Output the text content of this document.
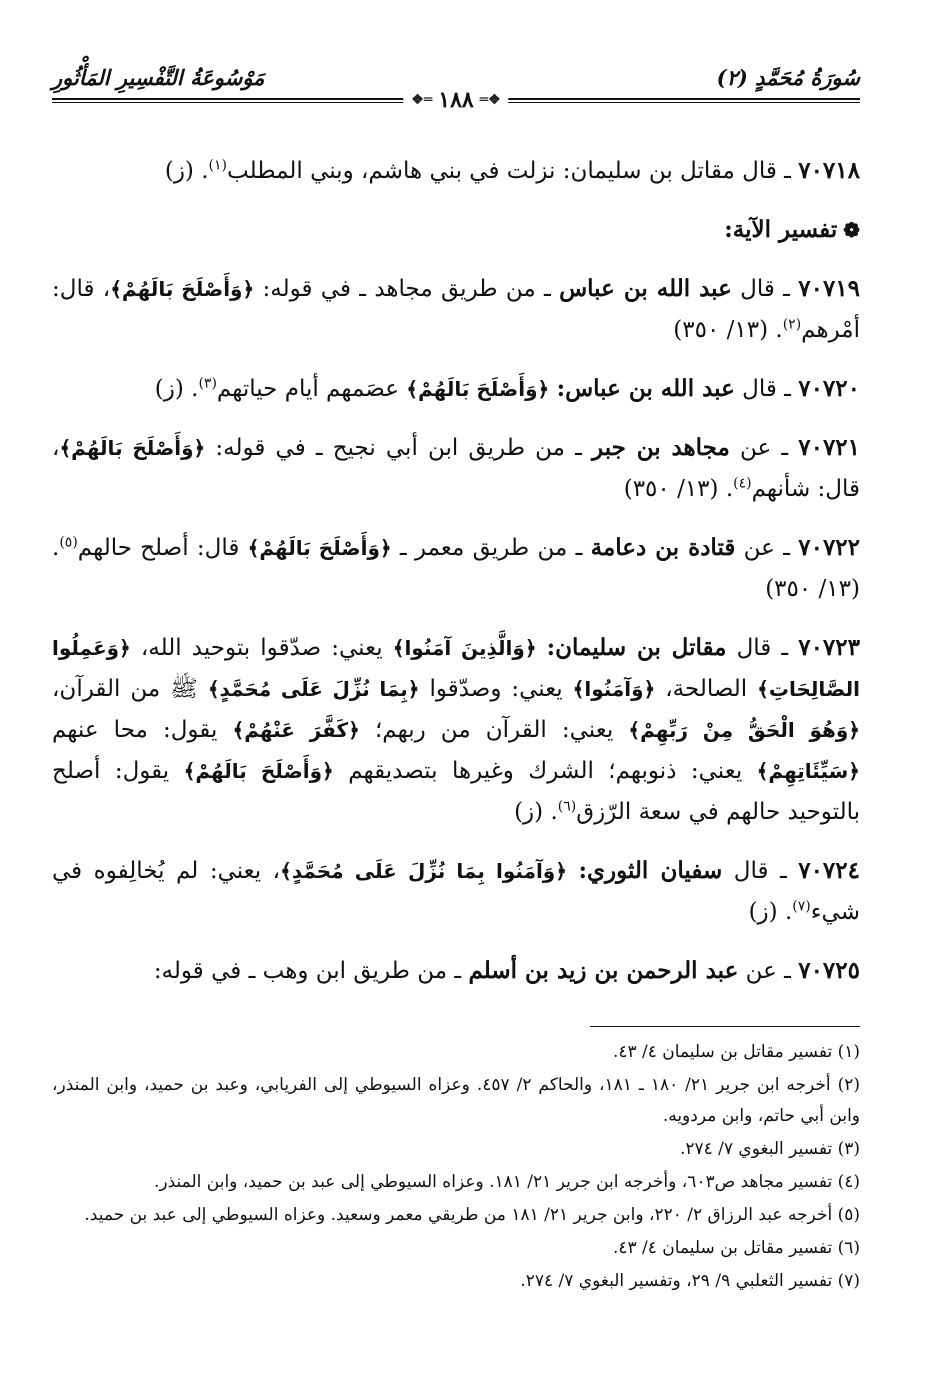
سُورَةُ مُحَمَّدٍ (٢)
مَوْسُوعَةُ التَّفْسِيرِ المَأْثُورِ
❖═
١٨٨
═❖

٧٠٧١٨ ـ قال مقاتل بن سليمان: نزلت في بني هاشم، وبني المطلب$^{(١)}$. (ز)

❁تفسير الآية:

٧٠٧١٩ ـ قال عبد الله بن عباس ـ من طريق مجاهد ـ في قوله: ﴿وَأَصْلَحَ بَالَهُمْ﴾، قال: أمْرهم$^{(٢)}$. (١٣/ ٣٥٠)

٧٠٧٢٠ ـ قال عبد الله بن عباس: ﴿وَأَصْلَحَ بَالَهُمْ﴾ عصَمهم أيام حياتهم$^{(٣)}$. (ز)

٧٠٧٢١ ـ عن مجاهد بن جبر ـ من طريق ابن أبي نجيح ـ في قوله: ﴿وَأَصْلَحَ بَالَهُمْ﴾، قال: شأنهم$^{(٤)}$. (١٣/ ٣٥٠)

٧٠٧٢٢ ـ عن قتادة بن دعامة ـ من طريق معمر ـ ﴿وَأَصْلَحَ بَالَهُمْ﴾ قال: أصلح حالهم$^{(٥)}$. (١٣/ ٣٥٠)

٧٠٧٢٣ ـ قال مقاتل بن سليمان: ﴿وَالَّذِينَ آمَنُوا﴾ يعني: صدّقوا بتوحيد الله، ﴿وَعَمِلُوا الصَّالِحَاتِ﴾ الصالحة، ﴿وَآمَنُوا﴾ يعني: وصدّقوا ﴿بِمَا نُزِّلَ عَلَى مُحَمَّدٍ﴾ ﷺ من القرآن، ﴿وَهُوَ الْحَقُّ مِنْ رَبِّهِمْ﴾ يعني: القرآن من ربهم؛ ﴿كَفَّرَ عَنْهُمْ﴾ يقول: محا عنهم ﴿سَيِّئَاتِهِمْ﴾ يعني: ذنوبهم؛ الشرك وغيرها بتصديقهم ﴿وَأَصْلَحَ بَالَهُمْ﴾ يقول: أصلح بالتوحيد حالهم في سعة الرّزق$^{(٦)}$. (ز)

٧٠٧٢٤ ـ قال سفيان الثوري: ﴿وَآمَنُوا بِمَا نُزِّلَ عَلَى مُحَمَّدٍ﴾، يعني: لم يُخالِفوه في شيء$^{(٧)}$. (ز)

٧٠٧٢٥ ـ عن عبد الرحمن بن زيد بن أسلم ـ من طريق ابن وهب ـ في قوله:

(١) تفسير مقاتل بن سليمان ٤/ ٤٣.
(٢) أخرجه ابن جرير ٢١/ ١٨٠ ـ ١٨١، والحاكم ٢/ ٤٥٧. وعزاه السيوطي إلى الفريابي، وعبد بن حميد، وابن المنذر، وابن أبي حاتم، وابن مردويه.
(٣) تفسير البغوي ٧/ ٢٧٤.
(٤) تفسير مجاهد ص٦٠٣، وأخرجه ابن جرير ٢١/ ١٨١. وعزاه السيوطي إلى عبد بن حميد، وابن المنذر.
(٥) أخرجه عبد الرزاق ٢/ ٢٢٠، وابن جرير ٢١/ ١٨١ من طريقي معمر وسعيد. وعزاه السيوطي إلى عبد بن حميد.
(٦) تفسير مقاتل بن سليمان ٤/ ٤٣.
(٧) تفسير الثعلبي ٩/ ٢٩، وتفسير البغوي ٧/ ٢٧٤.
